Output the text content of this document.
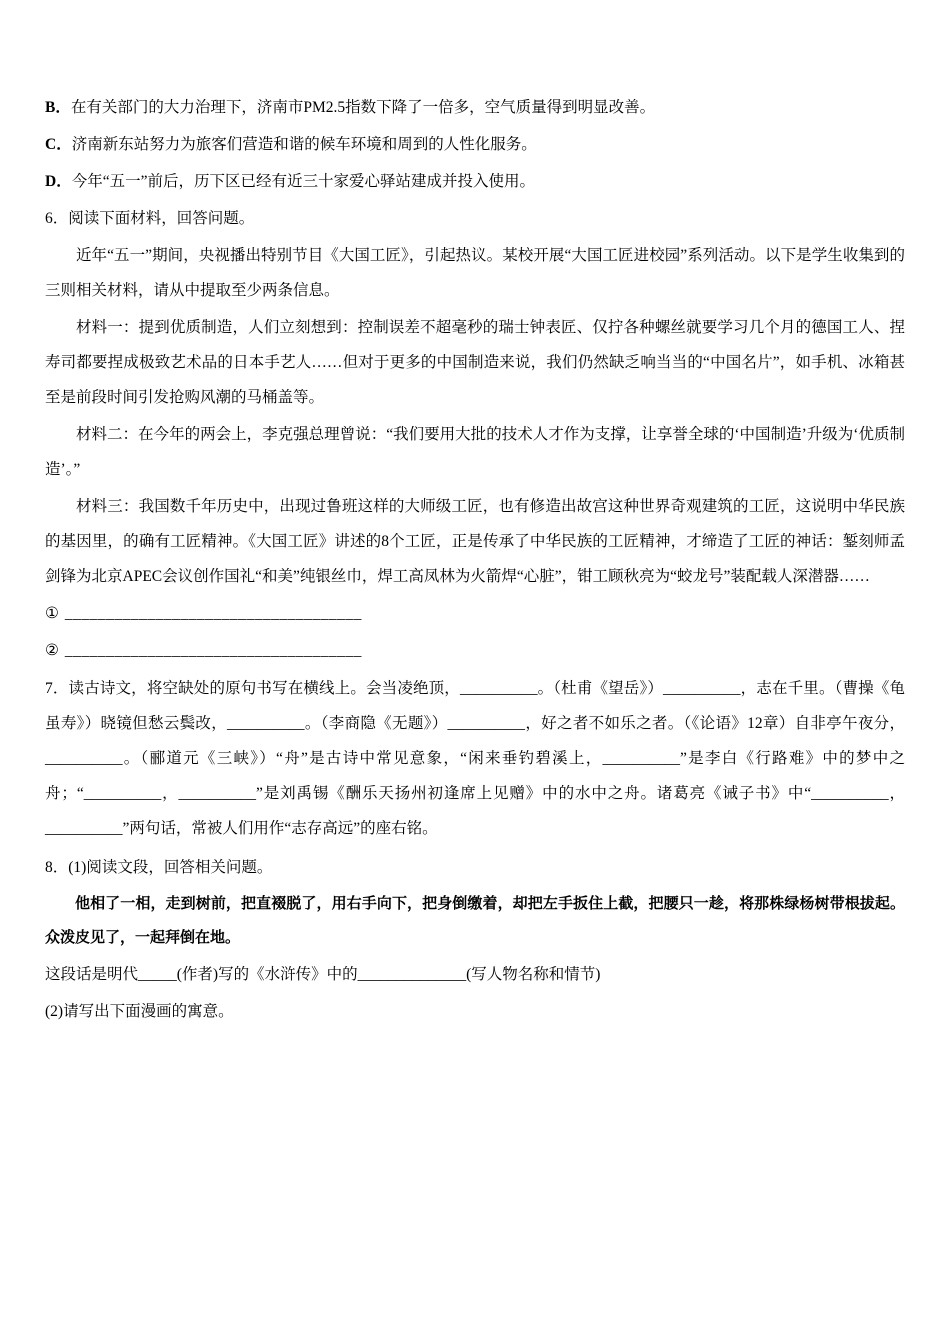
B．在有关部门的大力治理下，济南市PM2.5指数下降了一倍多，空气质量得到明显改善。

C．济南新东站努力为旅客们营造和谐的候车环境和周到的人性化服务。

D．今年“五一”前后，历下区已经有近三十家爱心驿站建成并投入使用。

6．阅读下面材料，回答问题。

近年“五一”期间，央视播出特别节目《大国工匠》，引起热议。某校开展“大国工匠进校园”系列活动。以下是学生收集到的三则相关材料，请从中提取至少两条信息。

材料一：提到优质制造，人们立刻想到：控制误差不超毫秒的瑞士钟表匠、仅拧各种螺丝就要学习几个月的德国工人、捏寿司都要捏成极致艺术品的日本手艺人……但对于更多的中国制造来说，我们仍然缺乏响当当的“中国名片”，如手机、冰箱甚至是前段时间引发抢购风潮的马桶盖等。

材料二：在今年的两会上，李克强总理曾说：“我们要用大批的技术人才作为支撑，让享誉全球的‘中国制造’升级为‘优质制造’。”

材料三：我国数千年历史中，出现过鲁班这样的大师级工匠，也有修造出故宫这种世界奇观建筑的工匠，这说明中华民族的基因里，的确有工匠精神。《大国工匠》讲述的8个工匠，正是传承了中华民族的工匠精神，才缔造了工匠的神话：錾刻师孟剑锋为北京APEC会议创作国礼“和美”纯银丝巾，焊工高凤林为火箭焊“心脏”，钳工顾秋亮为“蛟龙号”装配载人深潜器……

① ____________________________________

② ____________________________________

7．读古诗文，将空缺处的原句书写在横线上。会当凌绝顶，__________。（杜甫《望岳》）__________，志在千里。（曹操《龟虽寿》）晓镜但愁云鬓改，__________。（李商隐《无题》）__________，好之者不如乐之者。（《论语》12章）自非亭午夜分，__________。（郦道元《三峡》）“舟”是古诗中常见意象，“闲来垂钓碧溪上，__________”是李白《行路难》中的梦中之舟；“__________，__________”是刘禹锡《酬乐天扬州初逢席上见赠》中的水中之舟。诸葛亮《诫子书》中“__________，__________”两句话，常被人们用作“志存高远”的座右铭。

8．(1)阅读文段，回答相关问题。

他相了一相，走到树前，把直裰脱了，用右手向下，把身倒缴着，却把左手扳住上截，把腰只一趁，将那株绿杨树带根拔起。众泼皮见了，一起拜倒在地。

这段话是明代_____(作者)写的《水浒传》中的______________(写人物名称和情节)

(2)请写出下面漫画的寓意。
